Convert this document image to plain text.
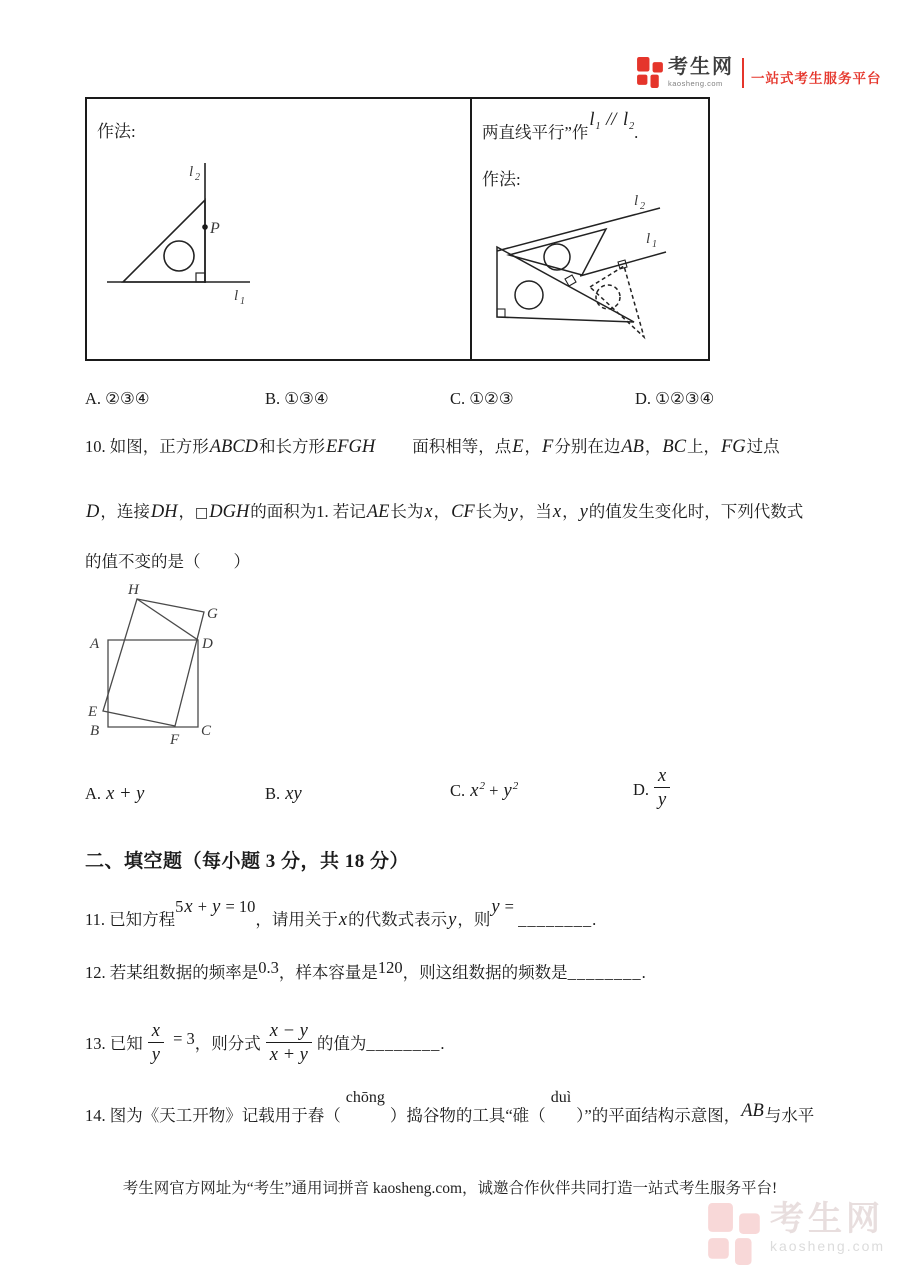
考生网
kaosheng.com	一站式考生服务平台
作法:
l 2
l 1
P
两直线平行”作$l^1 // l^2$.
作法:
l 2
l 1
A. ②③④	B. ①③④	C. ①②③	D. ①②③④
10. 如图，正方形ABCD和长方形EFGH 面积相等，点E，F分别在边AB，BC上，FG过点
D，连接DH，□DGH的面积为1. 若记AE长为x，CF长为y，当x，y的值发生变化时，下列代数式
的值不变的是（　　）
H
G
A	D
E
B
F
C
A. x + y	B. xy	C. $x^2 + y^2$	D. $\frac{x}{y}$
二、填空题（每小题 3 分，共 18 分）
11. 已知方程5x + y = 10，请用关于x的代数式表示y，则y = ________.
12. 若某组数据的频率是0.3，样本容量是120，则这组数据的频数是________.
13. 已知 $\frac{x}{y} = 3$，则分式 $\frac{x - y}{x + y}$ 的值为________.
14. 图为《天工开物》记载用于舂（chōng）捣谷物的工具“碓（duì）”的平面结构示意图，AB与水平
考生网官方网址为“考生”通用词拼音 kaosheng.com，诚邀合作伙伴共同打造一站式考生服务平台!
考生网
kaosheng.com
